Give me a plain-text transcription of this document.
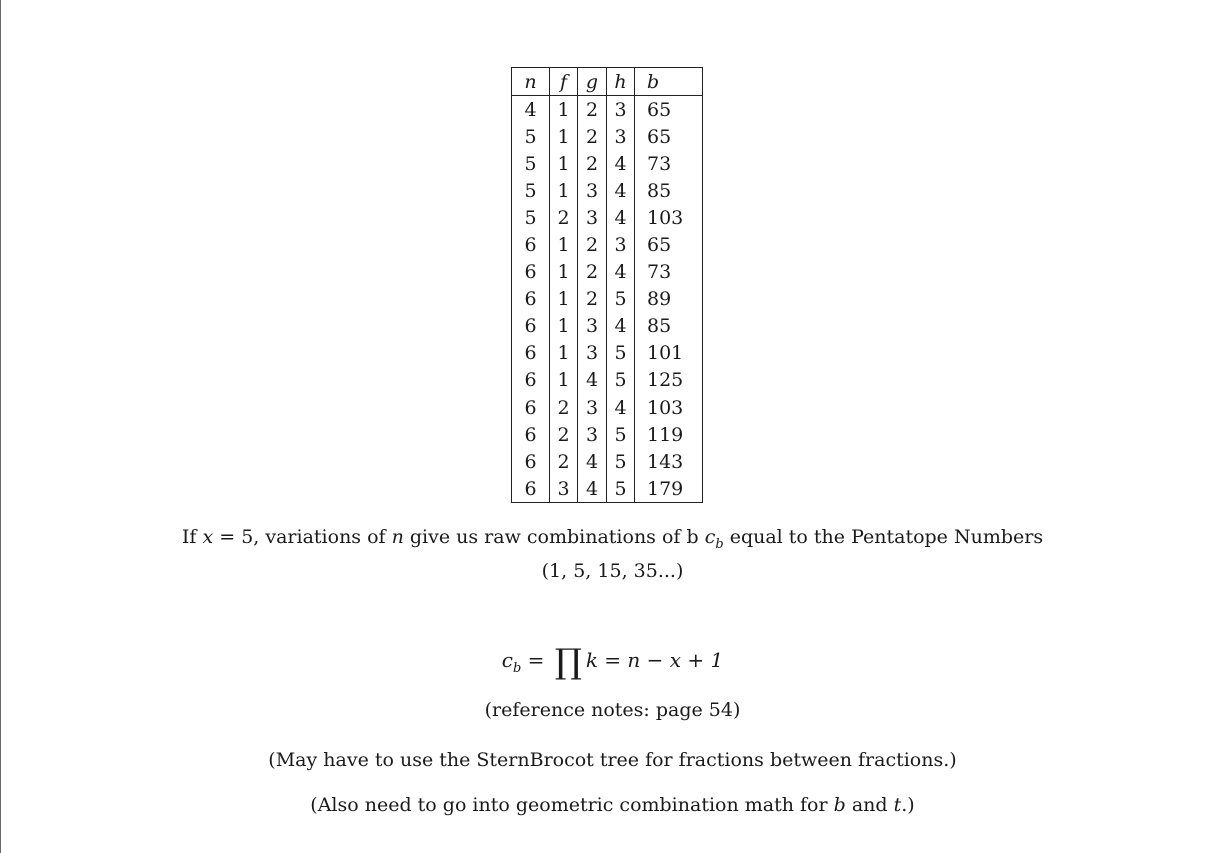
n	f	g	h	b
4	1	2	3	65
5	1	2	3	65
5	1	2	4	73
5	1	3	4	85
5	2	3	4	103
6	1	2	3	65
6	1	2	4	73
6	1	2	5	89
6	1	3	4	85
6	1	3	5	101
6	1	4	5	125
6	2	3	4	103
6	2	3	5	119
6	2	4	5	143
6	3	4	5	179
If x = 5, variations of n give us raw combinations of b $c_b$ equal to the Pentatope Numbers
(1, 5, 15, 35...)
$c_b$ = ∏ k = n − x + 1
(reference notes: page 54)
(May have to use the SternBrocot tree for fractions between fractions.)
(Also need to go into geometric combination math for b and t.)
